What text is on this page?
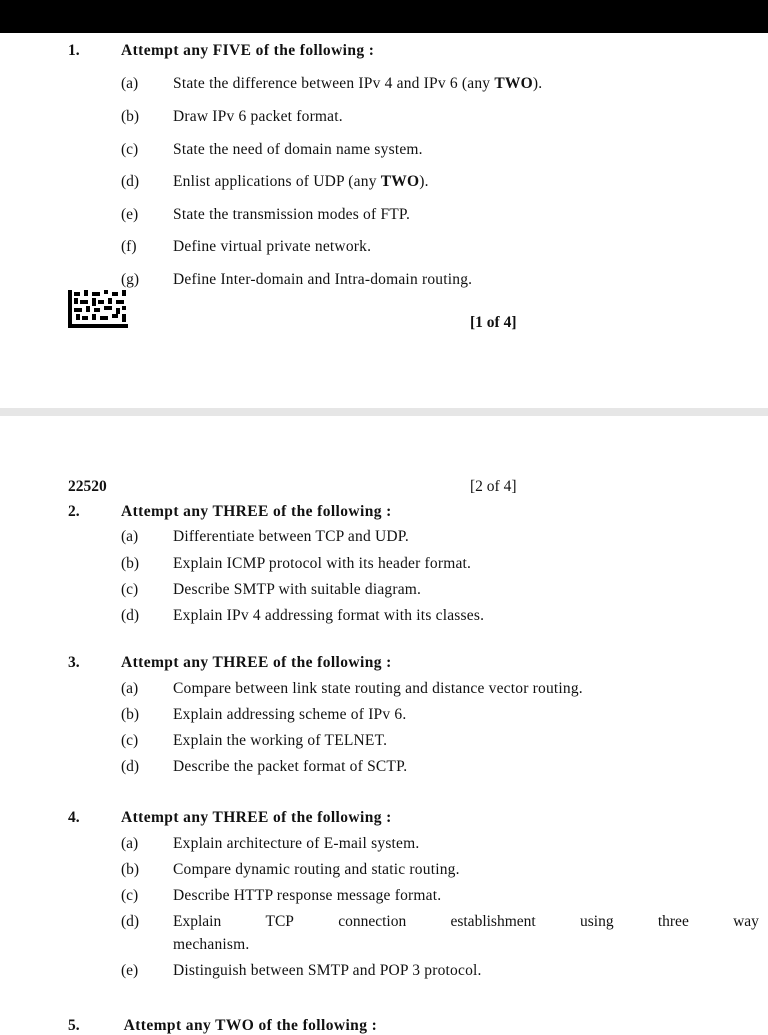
1.	Attempt any FIVE of the following :
(a) State the difference between IPv 4 and IPv 6 (any TWO).
(b) Draw IPv 6 packet format.
(c) State the need of domain name system.
(d) Enlist applications of UDP (any TWO).
(e) State the transmission modes of FTP.
(f) Define virtual private network.
(g) Define Inter-domain and Intra-domain routing.
[1 of 4]
22520	[2 of 4]
2.	Attempt any THREE of the following :
(a) Differentiate between TCP and UDP.
(b) Explain ICMP protocol with its header format.
(c) Describe SMTP with suitable diagram.
(d) Explain IPv 4 addressing format with its classes.
3.	Attempt any THREE of the following :
(a) Compare between link state routing and distance vector routing.
(b) Explain addressing scheme of IPv 6.
(c) Explain the working of TELNET.
(d) Describe the packet format of SCTP.
4.	Attempt any THREE of the following :
(a) Explain architecture of E-mail system.
(b) Compare dynamic routing and static routing.
(c) Describe HTTP response message format.
(d) Explain	TCP	connection	establishment	using	three	way
mechanism.
(e) Distinguish between SMTP and POP 3 protocol.
5.	Attempt any TWO of the following :
